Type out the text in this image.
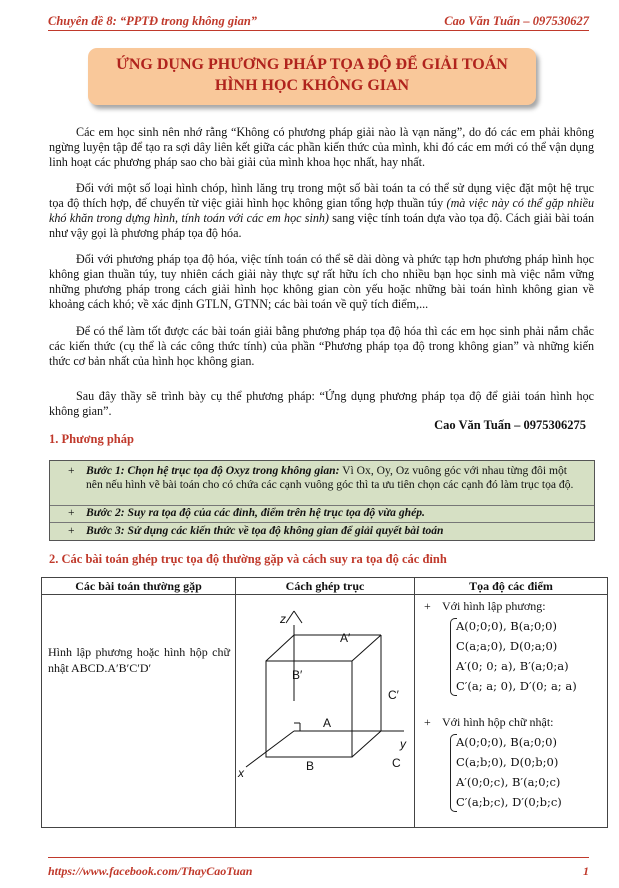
Chuyên đề 8: “PPTĐ trong không gian”	Cao Văn Tuấn – 097530627
ỨNG DỤNG PHƯƠNG PHÁP TỌA ĐỘ ĐỂ GIẢI TOÁN
HÌNH HỌC KHÔNG GIAN
Các em học sinh nên nhớ rằng “Không có phương pháp giải nào là vạn năng”, do đó các em phải không ngừng luyện tập để tạo ra sợi dây liên kết giữa các phần kiến thức của mình, khi đó các em mới có thể vận dụng linh hoạt các phương pháp sao cho bài giải của mình khoa học nhất, hay nhất.
Đối với một số loại hình chóp, hình lăng trụ trong một số bài toán ta có thể sử dụng việc đặt một hệ trục tọa độ thích hợp, để chuyển từ việc giải hình học không gian tổng hợp thuần túy (mà việc này có thể gặp nhiều khó khăn trong dựng hình, tính toán với các em học sinh) sang việc tính toán dựa vào tọa độ. Cách giải bài toán như vậy gọi là phương pháp tọa độ hóa.
Đối với phương pháp tọa độ hóa, việc tính toán có thể sẽ dài dòng và phức tạp hơn phương pháp hình học không gian thuần túy, tuy nhiên cách giải này thực sự rất hữu ích cho nhiều bạn học sinh mà việc nắm vững những phương pháp trong cách giải hình học không gian còn yếu hoặc những bài toán hình không gian về khoảng cách khó; về xác định GTLN, GTNN; các bài toán về quỹ tích điểm,...
Để có thể làm tốt được các bài toán giải bằng phương pháp tọa độ hóa thì các em học sinh phải nắm chắc các kiến thức (cụ thể là các công thức tính) của phần “Phương pháp tọa độ trong không gian” và những kiến thức cơ bản nhất của hình học không gian.
Sau đây thầy sẽ trình bày cụ thể phương pháp: “Ứng dụng phương pháp tọa độ để giải toán hình học không gian”.
Cao Văn Tuấn – 0975306275
1. Phương pháp
+ Bước 1: Chọn hệ trục tọa độ Oxyz trong không gian: Vì Ox, Oy, Oz vuông góc với nhau từng đôi một nên nếu hình vẽ bài toán cho có chứa các cạnh vuông góc thì ta ưu tiên chọn các cạnh đó làm trục tọa độ.
+ Bước 2: Suy ra tọa độ của các đỉnh, điểm trên hệ trục tọa độ vừa ghép.
+ Bước 3: Sử dụng các kiến thức về tọa độ không gian để giải quyết bài toán
2. Các bài toán ghép trục tọa độ thường gặp và cách suy ra tọa độ các đỉnh
Các bài toán thường gặp	Cách ghép trục	Tọa độ các điểm
Hình lập phương hoặc hình hộp chữ nhật ABCD.A′B′C′D′
z
y
x
A′
B′
C′
A
B	C
+ Với hình lập phương:
A(0;0;0), B(a;0;0)
C(a;a;0), D(0;a;0)
A′(0; 0; a), B′(a;0;a)
C′(a; a; 0), D′(0; a; a)
+ Với hình hộp chữ nhật:
A(0;0;0), B(a;0;0)
C(a;b;0), D(0;b;0)
A′(0;0;c), B′(a;0;c)
C′(a;b;c), D′(0;b;c)
https://www.facebook.com/ThayCaoTuan	1
